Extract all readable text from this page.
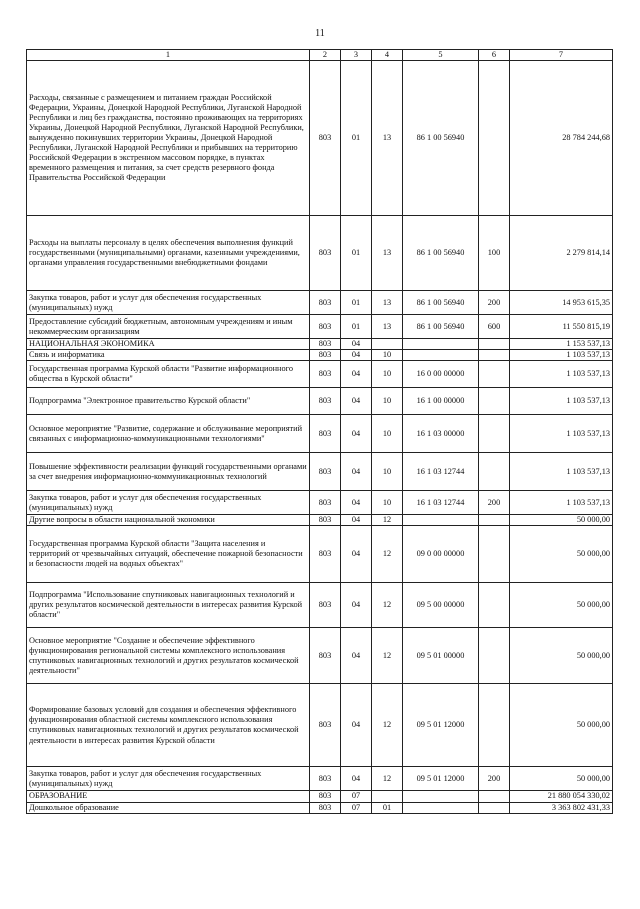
11
1	2	3	4	5	6	7
Расходы, связанные с размещением и питанием граждан Российской Федерации, Украины, Донецкой Народной Республики, Луганской Народной Республики и лиц без гражданства, постоянно проживающих на территориях Украины, Донецкой Народной Республики, Луганской Народной Республики, вынужденно покинувших территории Украины, Донецкой Народной Республики, Луганской Народной Республики и прибывших на территорию Российской Федерации в экстренном массовом порядке, в пунктах временного размещения и питания, за счет средств резервного фонда Правительства Российской Федерации	803	01	13	86 1 00 56940		28 784 244,68
Расходы на выплаты персоналу в целях обеспечения выполнения функций государственными (муниципальными) органами, казенными учреждениями, органами управления государственными внебюджетными фондами	803	01	13	86 1 00 56940	100	2 279 814,14
Закупка товаров, работ и услуг для обеспечения государственных (муниципальных) нужд	803	01	13	86 1 00 56940	200	14 953 615,35
Предоставление субсидий бюджетным, автономным учреждениям и иным некоммерческим организациям	803	01	13	86 1 00 56940	600	11 550 815,19
НАЦИОНАЛЬНАЯ ЭКОНОМИКА	803	04				1 153 537,13
Связь и информатика	803	04	10			1 103 537,13
Государственная программа Курской области "Развитие информационного общества в Курской области"	803	04	10	16 0 00 00000		1 103 537,13
Подпрограмма "Электронное правительство Курской области"	803	04	10	16 1 00 00000		1 103 537,13
Основное мероприятие "Развитие, содержание и обслуживание мероприятий связанных с информационно-коммуникационными технологиями"	803	04	10	16 1 03 00000		1 103 537,13
Повышение эффективности реализации функций государственными органами за счет внедрения информационно-коммуникационных технологий	803	04	10	16 1 03 12744		1 103 537,13
Закупка товаров, работ и услуг для обеспечения государственных (муниципальных) нужд	803	04	10	16 1 03 12744	200	1 103 537,13
Другие вопросы в области национальной экономики	803	04	12			50 000,00
Государственная программа Курской области "Защита населения и территорий от чрезвычайных ситуаций, обеспечение пожарной безопасности и безопасности людей на водных объектах"	803	04	12	09 0 00 00000		50 000,00
Подпрограмма "Использование спутниковых навигационных технологий и других результатов космической деятельности в интересах развития Курской области"	803	04	12	09 5 00 00000		50 000,00
Основное мероприятие "Создание и обеспечение эффективного функционирования региональной системы комплексного использования спутниковых навигационных технологий и других результатов космической деятельности"	803	04	12	09 5 01 00000		50 000,00
Формирование базовых условий для создания и обеспечения эффективного функционирования областной системы комплексного использования спутниковых навигационных технологий и других результатов космической деятельности в интересах развития Курской области	803	04	12	09 5 01 12000		50 000,00
Закупка товаров, работ и услуг для обеспечения государственных (муниципальных) нужд	803	04	12	09 5 01 12000	200	50 000,00
ОБРАЗОВАНИЕ	803	07				21 880 054 330,02
Дошкольное образование	803	07	01			3 363 802 431,33
